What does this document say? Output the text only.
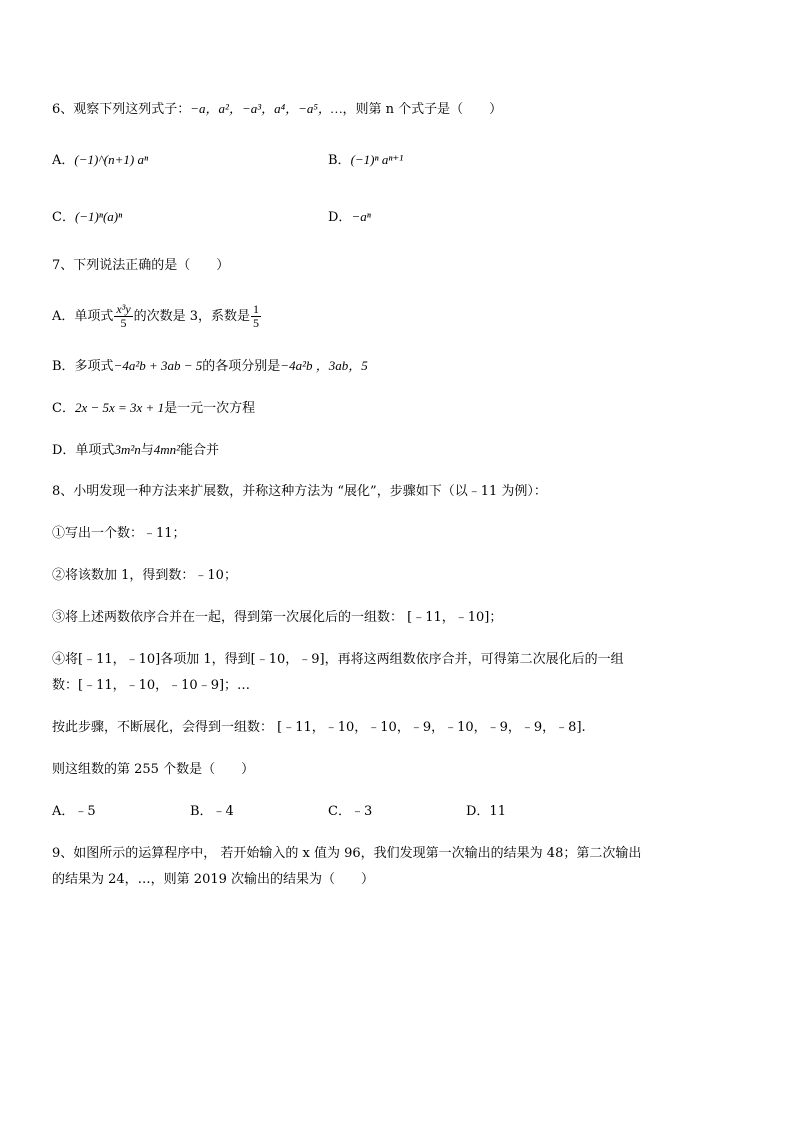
6、观察下列这列式子：−a，a²，−a³，a⁴，−a⁵，…，则第 n 个式子是（　　）
A．(−1)^(n+1) aⁿ	B．(−1)ⁿ aⁿ⁺¹
C．(−1)ⁿ(a)ⁿ	D．−aⁿ
7、下列说法正确的是（　　）
A．单项式 $\frac{\text{x³y}}{5}$ 的次数是 3，系数是 $\frac{1}{5}$
B．多项式−4a²b + 3ab − 5的各项分别是−4a²b ，3ab，5
C．2x − 5x = 3x + 1是一元一次方程
D．单项式3m²n与4mn²能合并
8、小明发现一种方法来扩展数，并称这种方法为 “展化”，步骤如下（以﹣11 为例）：
①写出一个数：﹣11；
②将该数加 1，得到数：﹣10；
③将上述两数依序合并在一起，得到第一次展化后的一组数： [﹣11，﹣10]；
④将[﹣11，﹣10]各项加 1，得到[﹣10，﹣9]，再将这两组数依序合并，可得第二次展化后的一组
数：[﹣11，﹣10，﹣10﹣9]；…
按此步骤，不断展化，会得到一组数： [﹣11，﹣10，﹣10，﹣9，﹣10，﹣9，﹣9，﹣8].
则这组数的第 255 个数是（　　）
A．﹣5	B．﹣4	C．﹣3	D．11
9、如图所示的运算程序中， 若开始输入的 x 值为 96，我们发现第一次输出的结果为 48；第二次输出
的结果为 24，…，则第 2019 次输出的结果为（　　）
